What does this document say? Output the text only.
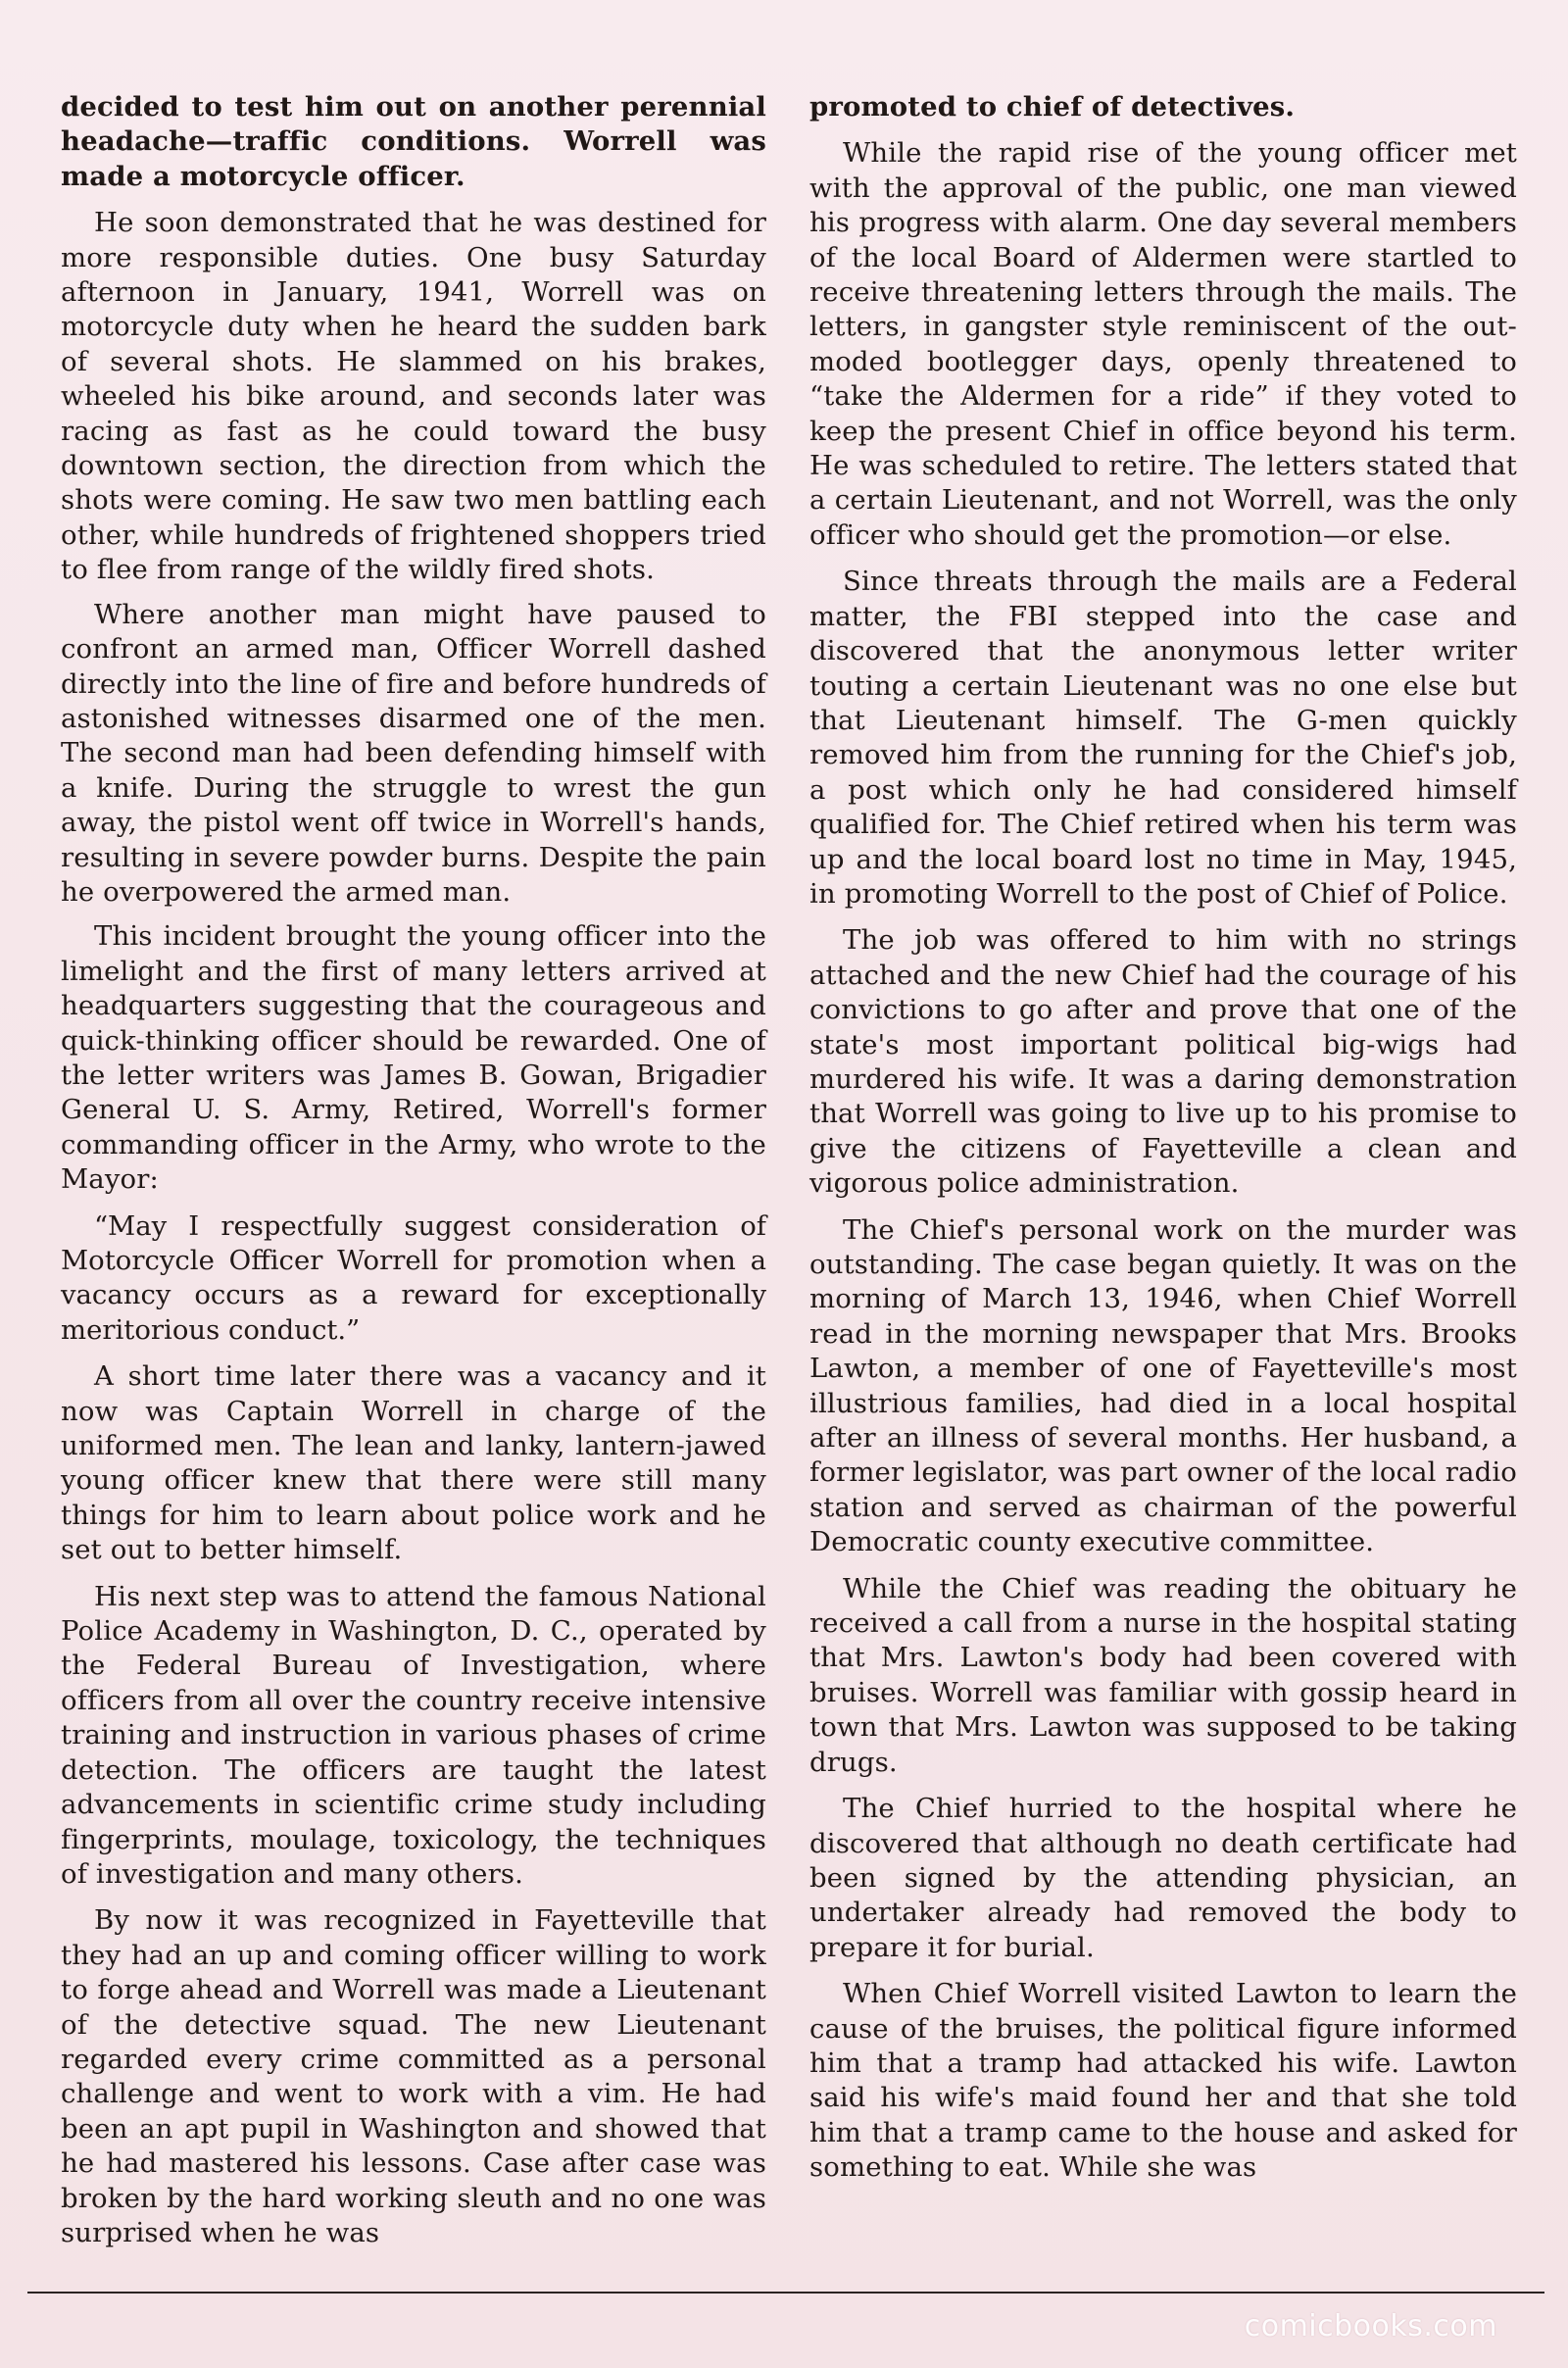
decided to test him out on another perennial headache—traffic conditions. Worrell was made a motorcycle officer.

He soon demonstrated that he was destined for more responsible duties. One busy Saturday afternoon in January, 1941, Worrell was on motorcycle duty when he heard the sudden bark of several shots. He slammed on his brakes, wheeled his bike around, and seconds later was racing as fast as he could toward the busy downtown section, the direction from which the shots were coming. He saw two men battling each other, while hundreds of frightened shoppers tried to flee from range of the wildly fired shots.

Where another man might have paused to confront an armed man, Officer Worrell dashed directly into the line of fire and before hundreds of astonished witnesses disarmed one of the men. The second man had been defending himself with a knife. During the struggle to wrest the gun away, the pistol went off twice in Worrell's hands, resulting in severe powder burns. Despite the pain he overpowered the armed man.

This incident brought the young officer into the limelight and the first of many letters arrived at headquarters suggesting that the courageous and quick-thinking officer should be rewarded. One of the letter writers was James B. Gowan, Brigadier General U. S. Army, Retired, Worrell's former commanding officer in the Army, who wrote to the Mayor:

“May I respectfully suggest consideration of Motorcycle Officer Worrell for promotion when a vacancy occurs as a reward for exceptionally meritorious conduct.”

A short time later there was a vacancy and it now was Captain Worrell in charge of the uniformed men. The lean and lanky, lantern-jawed young officer knew that there were still many things for him to learn about police work and he set out to better himself.

His next step was to attend the famous National Police Academy in Washington, D. C., operated by the Federal Bureau of Investigation, where officers from all over the country receive intensive training and instruction in various phases of crime detection. The officers are taught the latest advancements in scientific crime study including fingerprints, moulage, toxicology, the techniques of investigation and many others.

By now it was recognized in Fayetteville that they had an up and coming officer willing to work to forge ahead and Worrell was made a Lieutenant of the detective squad. The new Lieutenant regarded every crime committed as a personal challenge and went to work with a vim. He had been an apt pupil in Washington and showed that he had mastered his lessons. Case after case was broken by the hard working sleuth and no one was surprised when he was

promoted to chief of detectives.

While the rapid rise of the young officer met with the approval of the public, one man viewed his progress with alarm. One day several members of the local Board of Aldermen were startled to receive threatening letters through the mails. The letters, in gangster style reminiscent of the out-moded bootlegger days, openly threatened to “take the Aldermen for a ride” if they voted to keep the present Chief in office beyond his term. He was scheduled to retire. The letters stated that a certain Lieutenant, and not Worrell, was the only officer who should get the promotion—or else.

Since threats through the mails are a Federal matter, the FBI stepped into the case and discovered that the anonymous letter writer touting a certain Lieutenant was no one else but that Lieutenant himself. The G-men quickly removed him from the running for the Chief's job, a post which only he had considered himself qualified for. The Chief retired when his term was up and the local board lost no time in May, 1945, in promoting Worrell to the post of Chief of Police.

The job was offered to him with no strings attached and the new Chief had the courage of his convictions to go after and prove that one of the state's most important political big-wigs had murdered his wife. It was a daring demonstration that Worrell was going to live up to his promise to give the citizens of Fayetteville a clean and vigorous police administration.

The Chief's personal work on the murder was outstanding. The case began quietly. It was on the morning of March 13, 1946, when Chief Worrell read in the morning newspaper that Mrs. Brooks Lawton, a member of one of Fayetteville's most illustrious families, had died in a local hospital after an illness of several months. Her husband, a former legislator, was part owner of the local radio station and served as chairman of the powerful Democratic county executive committee.

While the Chief was reading the obituary he received a call from a nurse in the hospital stating that Mrs. Lawton's body had been covered with bruises. Worrell was familiar with gossip heard in town that Mrs. Lawton was supposed to be taking drugs.

The Chief hurried to the hospital where he discovered that although no death certificate had been signed by the attending physician, an undertaker already had removed the body to prepare it for burial.

When Chief Worrell visited Lawton to learn the cause of the bruises, the political figure informed him that a tramp had attacked his wife. Lawton said his wife's maid found her and that she told him that a tramp came to the house and asked for something to eat. While she was

comicbooks.com
